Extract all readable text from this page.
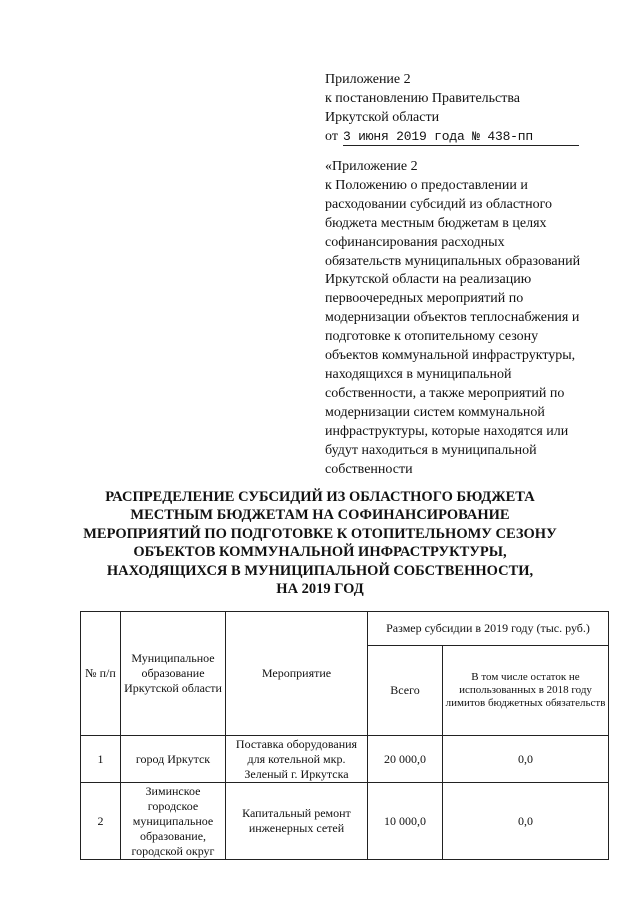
Приложение 2
к постановлению Правительства
Иркутской области
от 3 июня 2019 года № 438-пп
«Приложение 2
к Положению о предоставлении и
расходовании субсидий из областного
бюджета местным бюджетам в целях
софинансирования расходных
обязательств муниципальных образований
Иркутской области на реализацию
первоочередных мероприятий по
модернизации объектов теплоснабжения и
подготовке к отопительному сезону
объектов коммунальной инфраструктуры,
находящихся в муниципальной
собственности, а также мероприятий по
модернизации систем коммунальной
инфраструктуры, которые находятся или
будут находиться в муниципальной
собственности
РАСПРЕДЕЛЕНИЕ СУБСИДИЙ ИЗ ОБЛАСТНОГО БЮДЖЕТА
МЕСТНЫМ БЮДЖЕТАМ НА СОФИНАНСИРОВАНИЕ
МЕРОПРИЯТИЙ ПО ПОДГОТОВКЕ К ОТОПИТЕЛЬНОМУ СЕЗОНУ
ОБЪЕКТОВ КОММУНАЛЬНОЙ ИНФРАСТРУКТУРЫ,
НАХОДЯЩИХСЯ В МУНИЦИПАЛЬНОЙ СОБСТВЕННОСТИ,
НА 2019 ГОД
№ п/п	Муниципальное образование Иркутской области	Мероприятие	Размер субсидии в 2019 году (тыс. руб.)	
			Всего	В том числе остаток не использованных в 2018 году лимитов бюджетных обязательств
1	город Иркутск	Поставка оборудования для котельной мкр. Зеленый г. Иркутска	20 000,0	0,0
2	Зиминское городское муниципальное образование, городской округ	Капитальный ремонт инженерных сетей	10 000,0	0,0
